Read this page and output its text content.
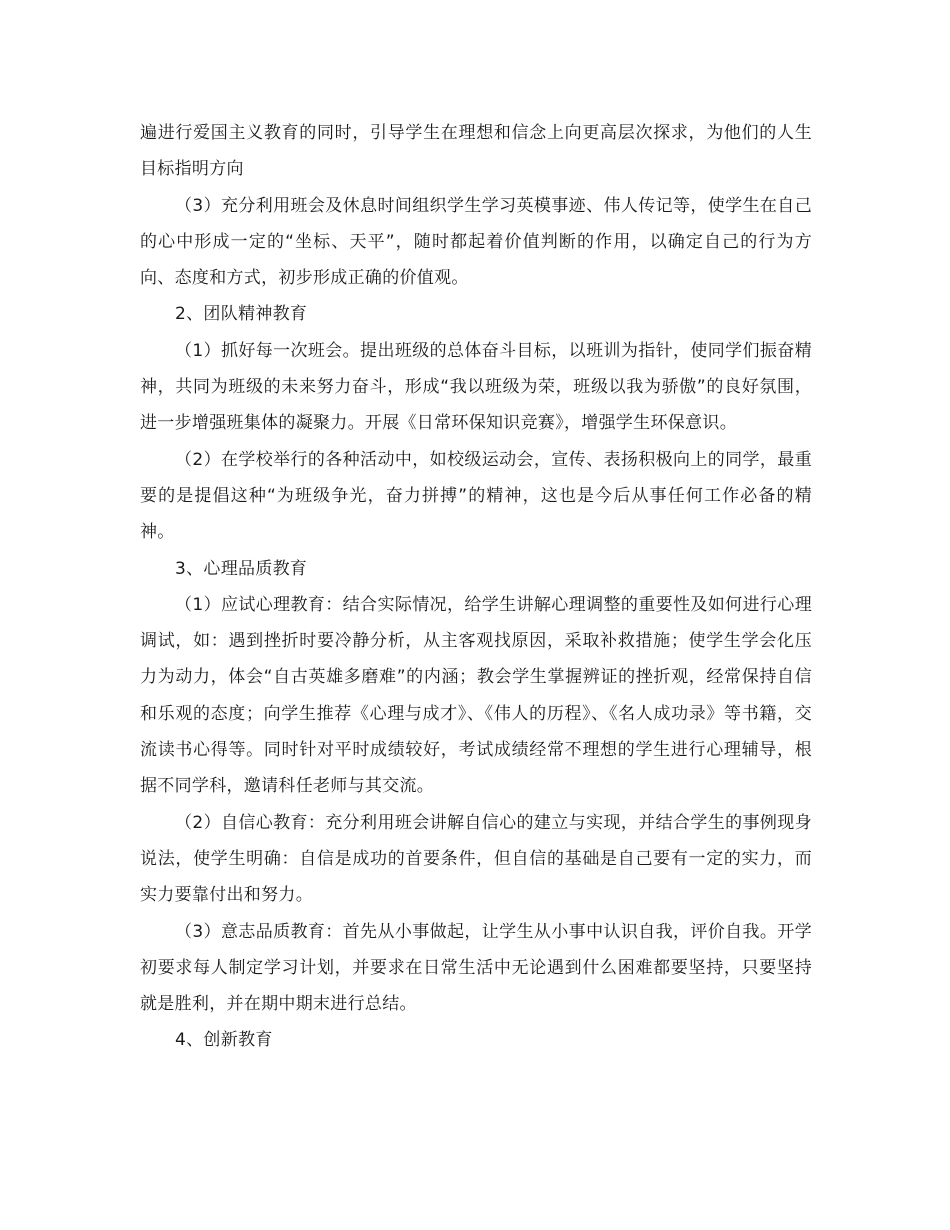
遍进行爱国主义教育的同时，引导学生在理想和信念上向更高层次探求，为他们的人生目标指明方向

（3）充分利用班会及休息时间组织学生学习英模事迹、伟人传记等，使学生在自己的心中形成一定的“坐标、天平”，随时都起着价值判断的作用，以确定自己的行为方向、态度和方式，初步形成正确的价值观。

2、团队精神教育

（1）抓好每一次班会。提出班级的总体奋斗目标，以班训为指针，使同学们振奋精神，共同为班级的未来努力奋斗，形成“我以班级为荣，班级以我为骄傲”的良好氛围，进一步增强班集体的凝聚力。开展《日常环保知识竞赛》，增强学生环保意识。

（2）在学校举行的各种活动中，如校级运动会，宣传、表扬积极向上的同学，最重要的是提倡这种“为班级争光，奋力拼搏”的精神，这也是今后从事任何工作必备的精神。

3、心理品质教育

（1）应试心理教育：结合实际情况，给学生讲解心理调整的重要性及如何进行心理调试，如：遇到挫折时要冷静分析，从主客观找原因，采取补救措施；使学生学会化压力为动力，体会“自古英雄多磨难”的内涵；教会学生掌握辨证的挫折观，经常保持自信和乐观的态度；向学生推荐《心理与成才》、《伟人的历程》、《名人成功录》等书籍，交流读书心得等。同时针对平时成绩较好，考试成绩经常不理想的学生进行心理辅导，根据不同学科，邀请科任老师与其交流。

（2）自信心教育：充分利用班会讲解自信心的建立与实现，并结合学生的事例现身说法，使学生明确：自信是成功的首要条件，但自信的基础是自己要有一定的实力，而实力要靠付出和努力。

（3）意志品质教育：首先从小事做起，让学生从小事中认识自我，评价自我。开学初要求每人制定学习计划，并要求在日常生活中无论遇到什么困难都要坚持，只要坚持就是胜利，并在期中期末进行总结。

4、创新教育
